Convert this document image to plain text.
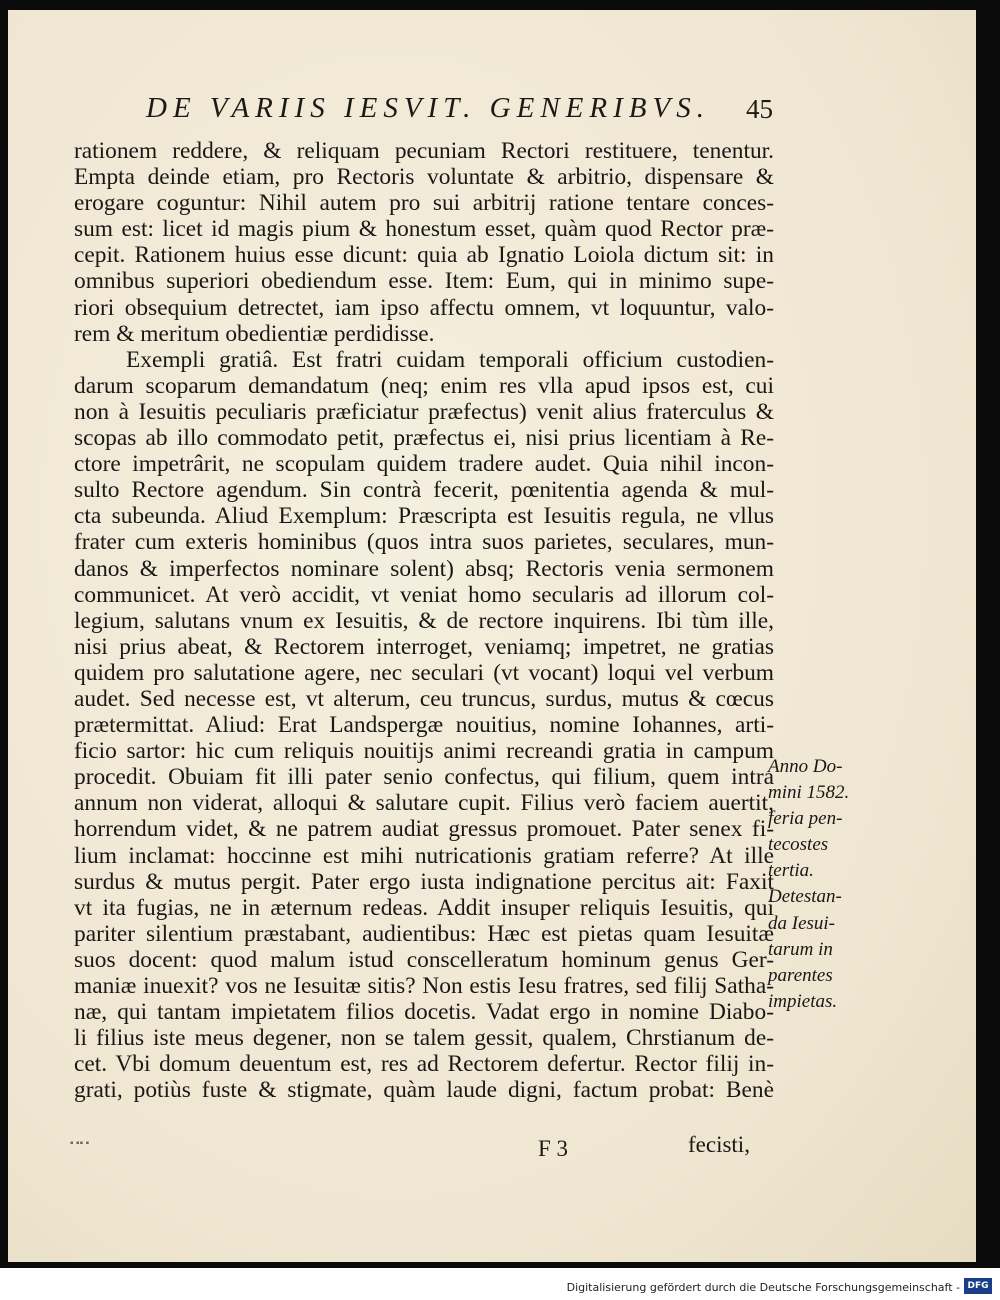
DE VARIIS IESVIT. GENERIBVS. 45
rationem reddere, & reliquam pecuniam Rectori restituere, tenentur.
Empta deinde etiam, pro Rectoris voluntate & arbitrio, dispensare &
erogare coguntur: Nihil autem pro sui arbitrij ratione tentare conces-
sum est: licet id magis pium & honestum esset, quàm quod Rector præ-
cepit. Rationem huius esse dicunt: quia ab Ignatio Loiola dictum sit: in
omnibus superiori obediendum esse. Item: Eum, qui in minimo supe-
riori obsequium detrectet, iam ipso affectu omnem, vt loquuntur, valo-
rem & meritum obedientiæ perdidisse.
Exempli gratiâ. Est fratri cuidam temporali officium custodien-
darum scoparum demandatum (neq; enim res vlla apud ipsos est, cui
non à Iesuitis peculiaris præficiatur præfectus) venit alius fraterculus &
scopas ab illo commodato petit, præfectus ei, nisi prius licentiam à Re-
ctore impetrârit, ne scopulam quidem tradere audet. Quia nihil incon-
sulto Rectore agendum. Sin contrà fecerit, pœnitentia agenda & mul-
cta subeunda. Aliud Exemplum: Præscripta est Iesuitis regula, ne vllus
frater cum exteris hominibus (quos intra suos parietes, seculares, mun-
danos & imperfectos nominare solent) absq; Rectoris venia sermonem
communicet. At verò accidit, vt veniat homo secularis ad illorum col-
legium, salutans vnum ex Iesuitis, & de rectore inquirens. Ibi tùm ille,
nisi prius abeat, & Rectorem interroget, veniamq; impetret, ne gratias
quidem pro salutatione agere, nec seculari (vt vocant) loqui vel verbum
audet. Sed necesse est, vt alterum, ceu truncus, surdus, mutus & cœcus
prætermittat. Aliud: Erat Landspergæ nouitius, nomine Iohannes, arti-
ficio sartor: hic cum reliquis nouitijs animi recreandi gratia in campum
procedit. Obuiam fit illi pater senio confectus, qui filium, quem intra
annum non viderat, alloqui & salutare cupit. Filius verò faciem auertit,
horrendum videt, & ne patrem audiat gressus promouet. Pater senex fi-
lium inclamat: hoccinne est mihi nutricationis gratiam referre? At ille
surdus & mutus pergit. Pater ergo iusta indignatione percitus ait: Faxit
vt ita fugias, ne in æternum redeas. Addit insuper reliquis Iesuitis, qui
pariter silentium præstabant, audientibus: Hæc est pietas quam Iesuitæ
suos docent: quod malum istud conscelleratum hominum genus Ger-
maniæ inuexit? vos ne Iesuitæ sitis? Non estis Iesu fratres, sed filij Satha-
næ, qui tantam impietatem filios docetis. Vadat ergo in nomine Diabo-
li filius iste meus degener, non se talem gessit, qualem, Chrstianum de-
cet. Vbi domum deuentum est, res ad Rectorem defertur. Rector filij in-
grati, potiùs fuste & stigmate, quàm laude digni, factum probat: Benè
Anno Do-
mini 1582.
feria pen-
tecostes
tertia.
Detestan-
da Iesui-
tarum in
parentes
impietas.
▪ ▪▪ ▪	F 3	fecisti,
Digitalisierung gefördert durch die Deutsche Forschungsgemeinschaft - DFG
